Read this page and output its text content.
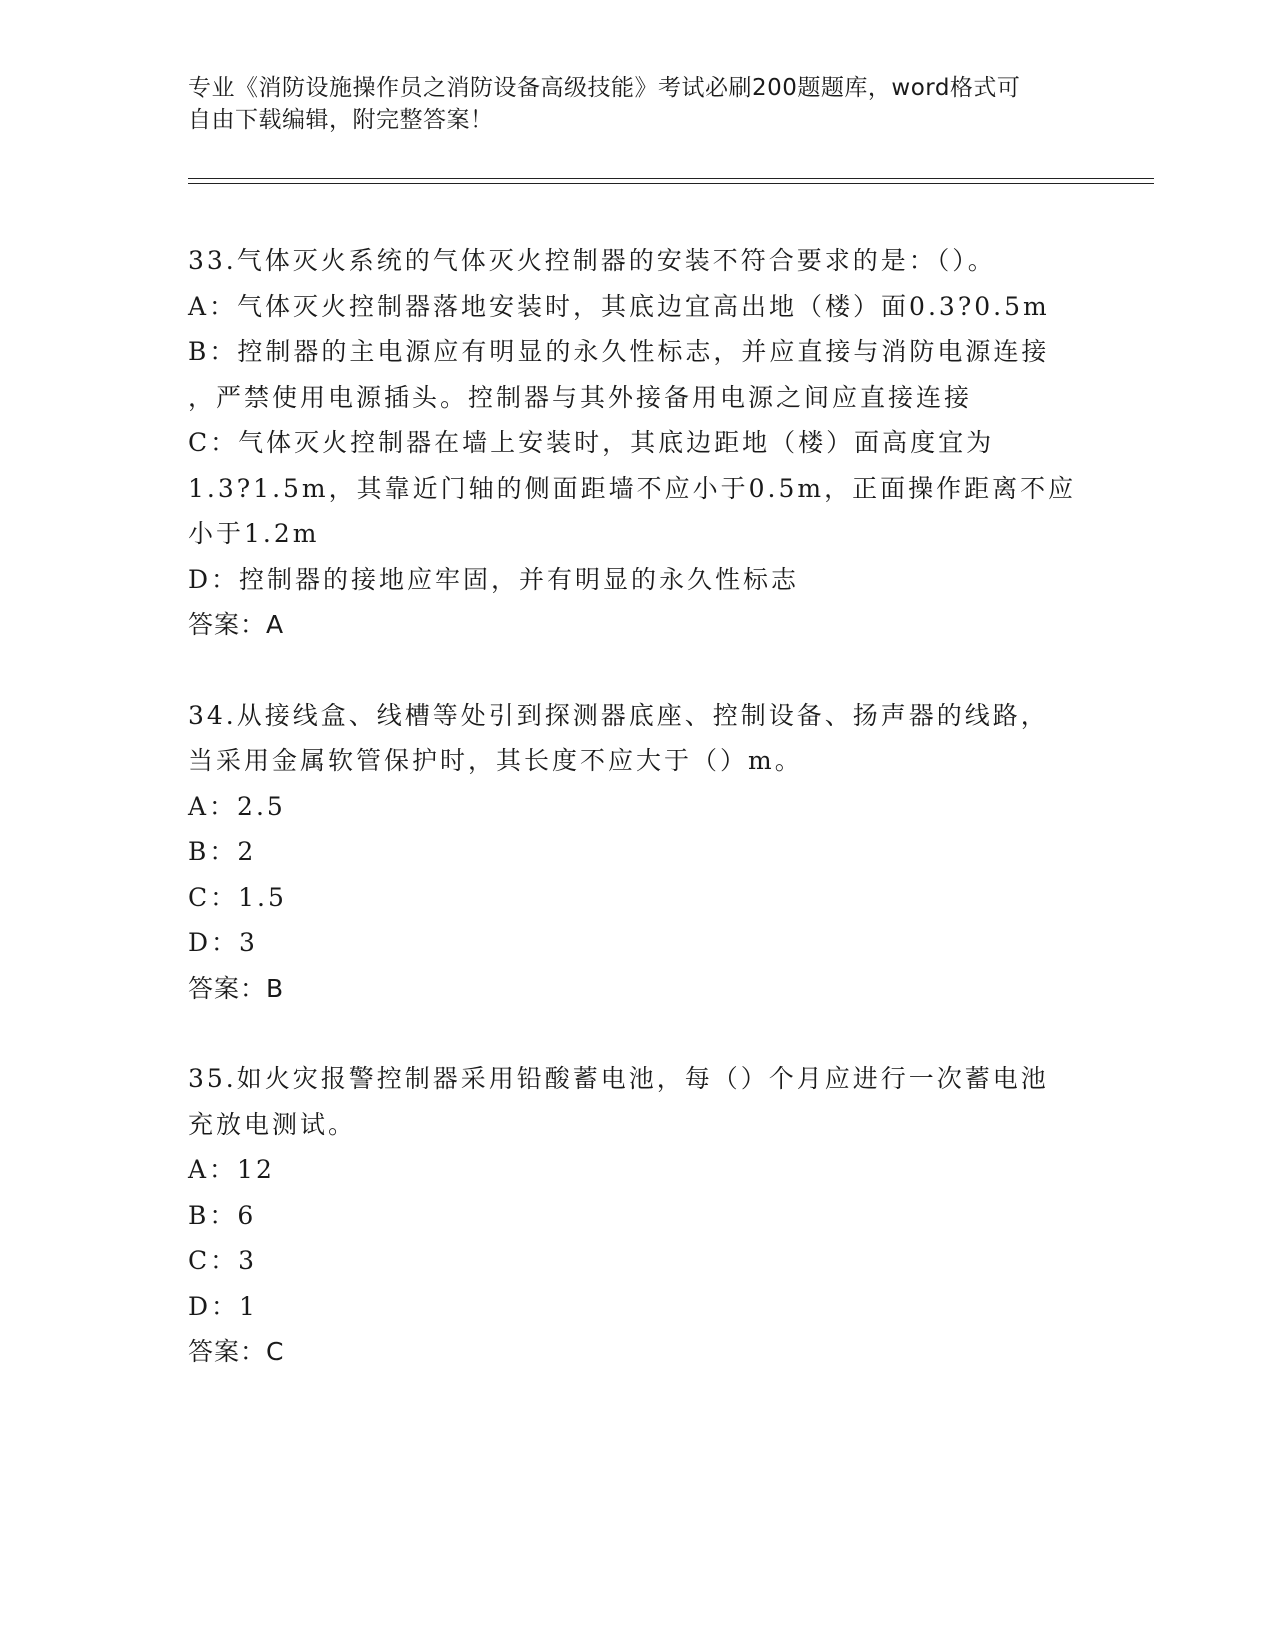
专业《消防设施操作员之消防设备高级技能》考试必刷200题题库，word格式可
自由下载编辑，附完整答案！
33.气体灭火系统的气体灭火控制器的安装不符合要求的是：（）。
A：气体灭火控制器落地安装时，其底边宜高出地（楼）面0.3?0.5m
B：控制器的主电源应有明显的永久性标志，并应直接与消防电源连接
，严禁使用电源插头。控制器与其外接备用电源之间应直接连接
C：气体灭火控制器在墙上安装时，其底边距地（楼）面高度宜为
1.3?1.5m，其靠近门轴的侧面距墙不应小于0.5m，正面操作距离不应
小于1.2m
D：控制器的接地应牢固，并有明显的永久性标志
答案：A
34.从接线盒、线槽等处引到探测器底座、控制设备、扬声器的线路，
当采用金属软管保护时，其长度不应大于（）m。
A：2.5
B：2
C：1.5
D：3
答案：B
35.如火灾报警控制器采用铅酸蓄电池，每（）个月应进行一次蓄电池
充放电测试。
A：12
B：6
C：3
D：1
答案：C
